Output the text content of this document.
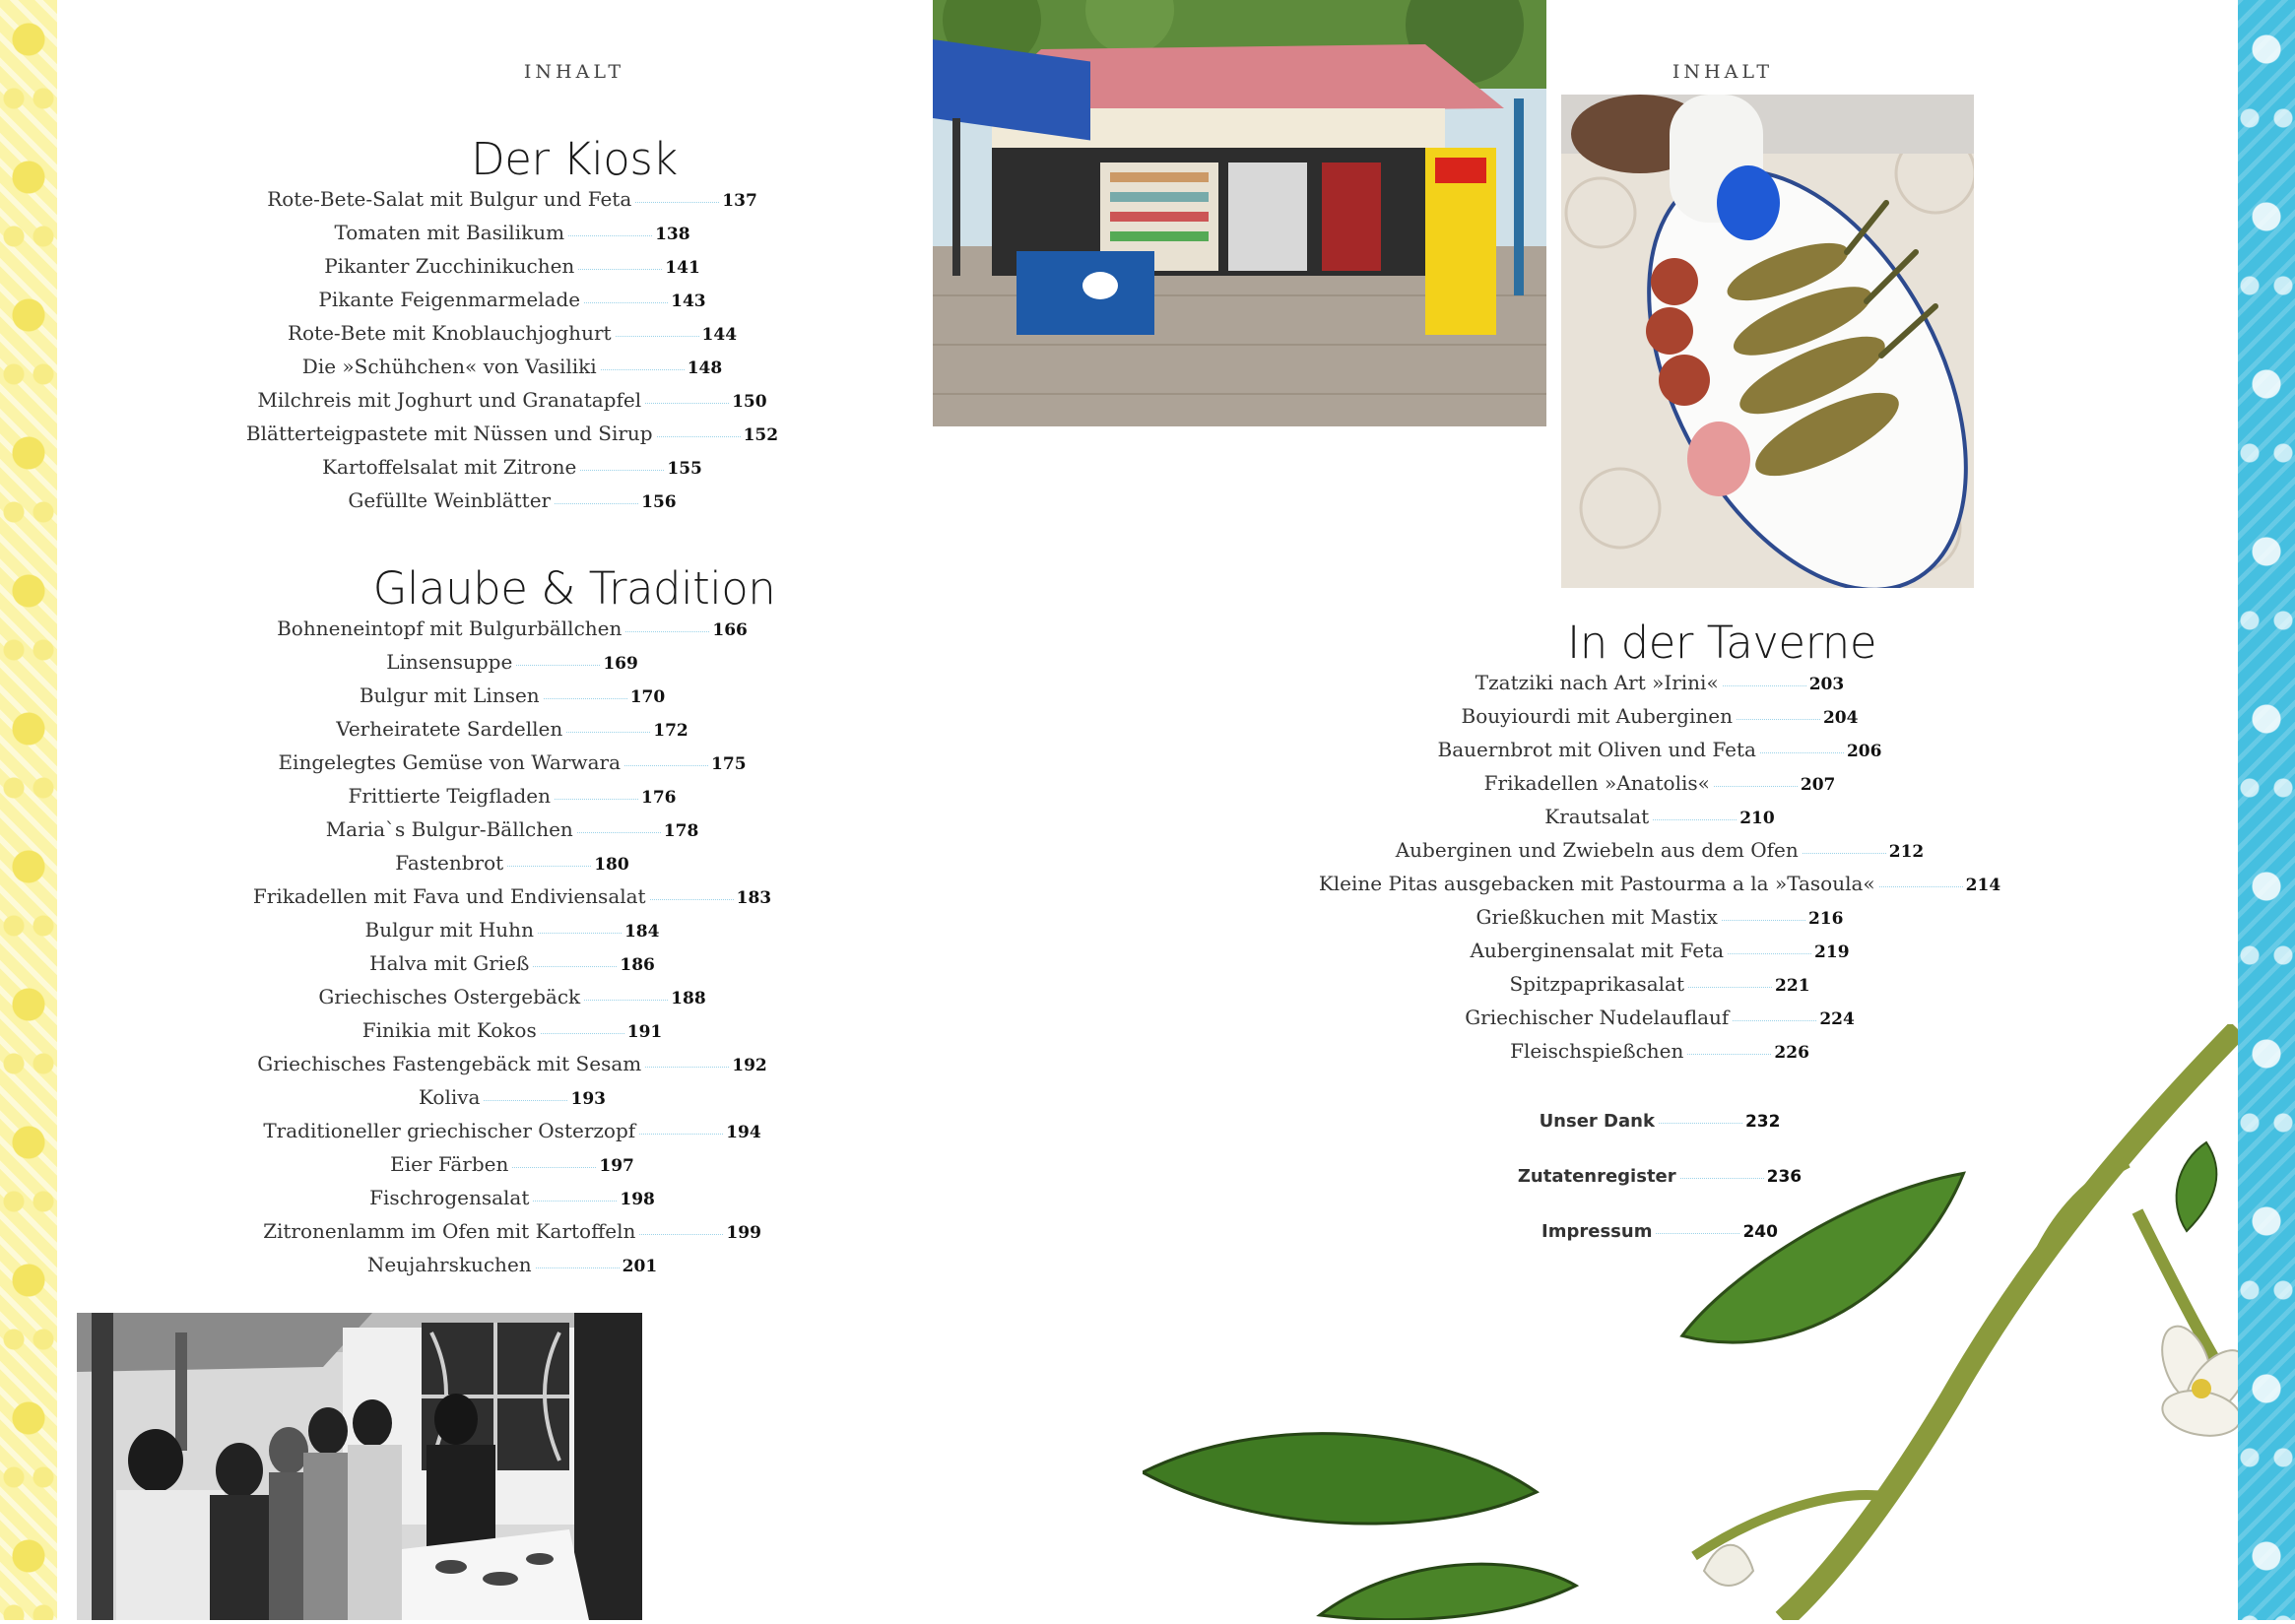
INHALT
Der Kiosk
Rote-Bete-Salat mit Bulgur und Feta	137
Tomaten mit Basilikum	138
Pikanter Zucchinikuchen	141
Pikante Feigenmarmelade	143
Rote-Bete mit Knoblauchjoghurt	144
Die »Schühchen« von Vasiliki	148
Milchreis mit Joghurt und Granatapfel	150
Blätterteigpastete mit Nüssen und Sirup	152
Kartoffelsalat mit Zitrone	155
Gefüllte Weinblätter	156
Glaube & Tradition
Bohneneintopf mit Bulgurbällchen	166
Linsensuppe	169
Bulgur mit Linsen	170
Verheiratete Sardellen	172
Eingelegtes Gemüse von Warwara	175
Frittierte Teigfladen	176
Maria`s Bulgur-Bällchen	178
Fastenbrot	180
Frikadellen mit Fava und Endiviensalat	183
Bulgur mit Huhn	184
Halva mit Grieß	186
Griechisches Ostergebäck	188
Finikia mit Kokos	191
Griechisches Fastengebäck mit Sesam	192
Koliva	193
Traditioneller griechischer Osterzopf	194
Eier Färben	197
Fischrogensalat	198
Zitronenlamm im Ofen mit Kartoffeln	199
Neujahrskuchen	201
INHALT
In der Taverne
Tzatziki nach Art »Irini«	203
Bouyiourdi mit Auberginen	204
Bauernbrot mit Oliven und Feta	206
Frikadellen »Anatolis«	207
Krautsalat	210
Auberginen und Zwiebeln aus dem Ofen	212
Kleine Pitas ausgebacken mit Pastourma a la »Tasoula«	214
Grießkuchen mit Mastix	216
Auberginensalat mit Feta	219
Spitzpaprikasalat	221
Griechischer Nudelauflauf	224
Fleischspießchen	226
Unser Dank	232
Zutatenregister	236
Impressum	240
